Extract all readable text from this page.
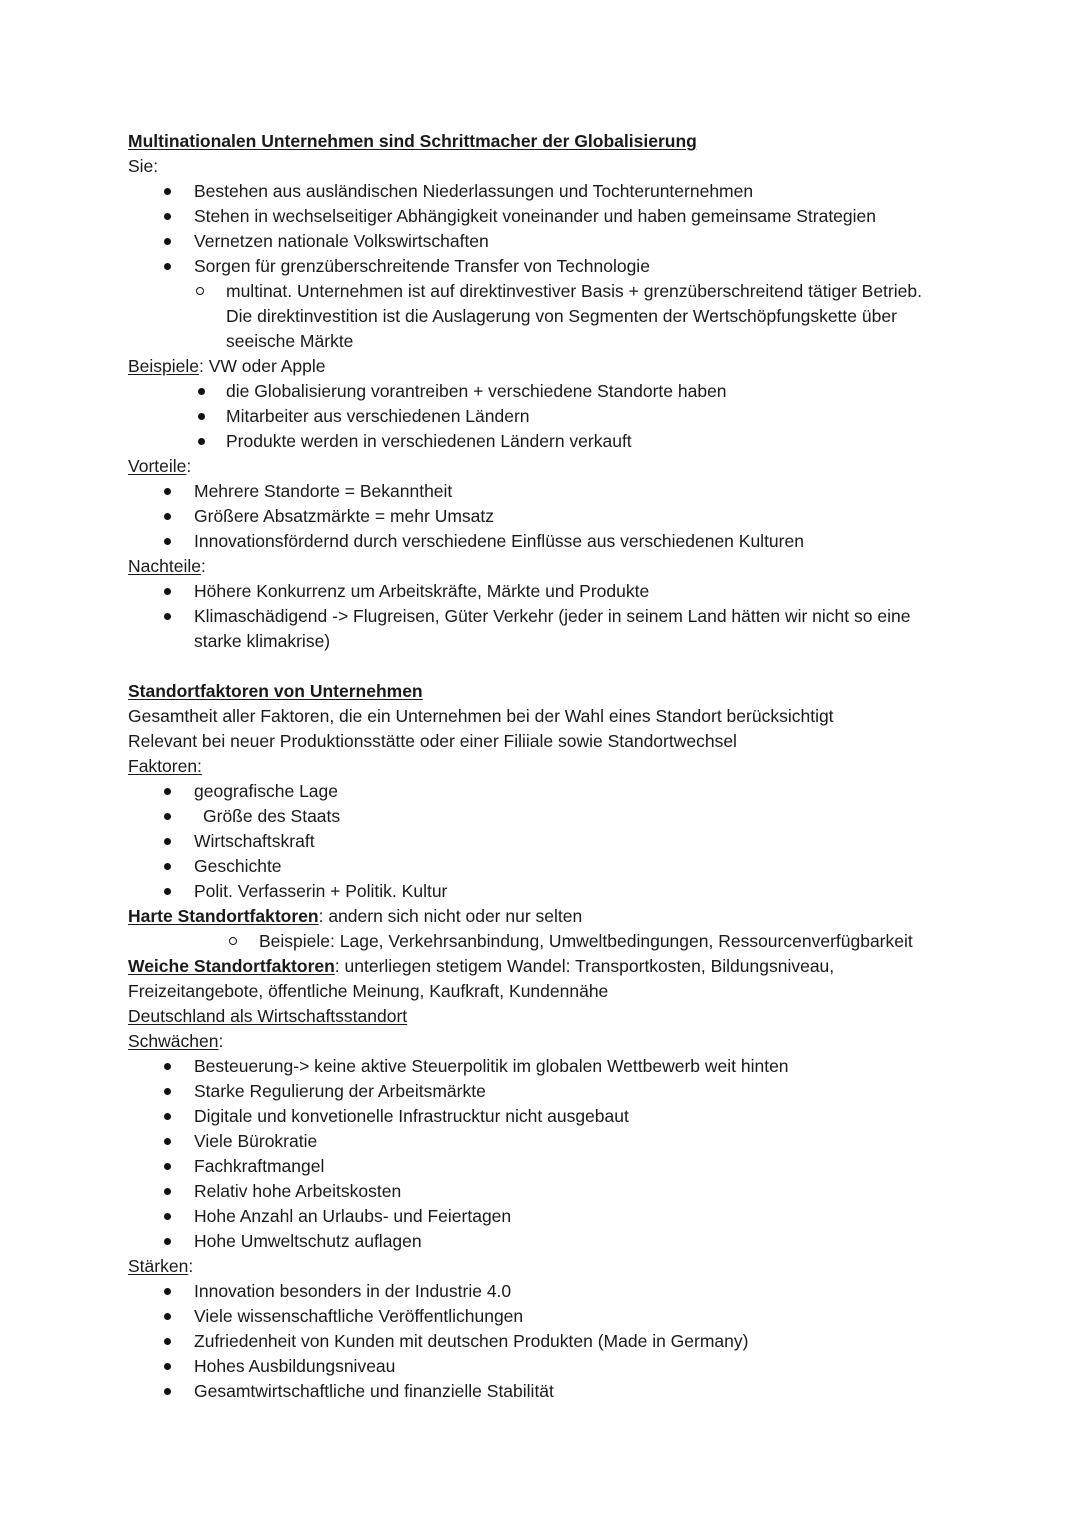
Multinationalen Unternehmen sind Schrittmacher der Globalisierung
Sie:
Bestehen aus ausländischen Niederlassungen und Tochterunternehmen
Stehen in wechselseitiger Abhängigkeit voneinander und haben gemeinsame Strategien
Vernetzen nationale Volkswirtschaften
Sorgen für grenzüberschreitende Transfer von Technologie
multinat. Unternehmen ist auf direktinvestiver Basis + grenzüberschreitend tätiger Betrieb. Die direktinvestition ist die Auslagerung von Segmenten der Wertschöpfungskette über seeische Märkte
Beispiele: VW oder Apple
die Globalisierung vorantreiben + verschiedene Standorte haben
Mitarbeiter aus verschiedenen Ländern
Produkte werden in verschiedenen Ländern verkauft
Vorteile:
Mehrere Standorte = Bekanntheit
Größere Absatzmärkte = mehr Umsatz
Innovationsfördernd durch verschiedene Einflüsse aus verschiedenen Kulturen
Nachteile:
Höhere Konkurrenz um Arbeitskräfte, Märkte und Produkte
Klimaschädigend -> Flugreisen, Güter Verkehr (jeder in seinem Land hätten wir nicht so eine starke klimakrise)
Standortfaktoren von Unternehmen
Gesamtheit aller Faktoren, die ein Unternehmen bei der Wahl eines Standort berücksichtigt
Relevant bei neuer Produktionsstätte oder einer Filiiale sowie Standortwechsel
Faktoren:
geografische Lage
Größe des Staats
Wirtschaftskraft
Geschichte
Polit. Verfasserin + Politik. Kultur
Harte Standortfaktoren: andern sich nicht oder nur selten
Beispiele: Lage, Verkehrsanbindung, Umweltbedingungen, Ressourcenverfügbarkeit
Weiche Standortfaktoren: unterliegen stetigem Wandel: Transportkosten, Bildungsniveau, Freizeitangebote, öffentliche Meinung, Kaufkraft, Kundennähe
Deutschland als Wirtschaftsstandort
Schwächen:
Besteuerung-> keine aktive Steuerpolitik im globalen Wettbewerb weit hinten
Starke Regulierung der Arbeitsmärkte
Digitale und konvetionelle Infrastrucktur nicht ausgebaut
Viele Bürokratie
Fachkraftmangel
Relativ hohe Arbeitskosten
Hohe Anzahl an Urlaubs- und Feiertagen
Hohe Umweltschutz auflagen
Stärken:
Innovation besonders in der Industrie 4.0
Viele wissenschaftliche Veröffentlichungen
Zufriedenheit von Kunden mit deutschen Produkten (Made in Germany)
Hohes Ausbildungsniveau
Gesamtwirtschaftliche und finanzielle Stabilität
